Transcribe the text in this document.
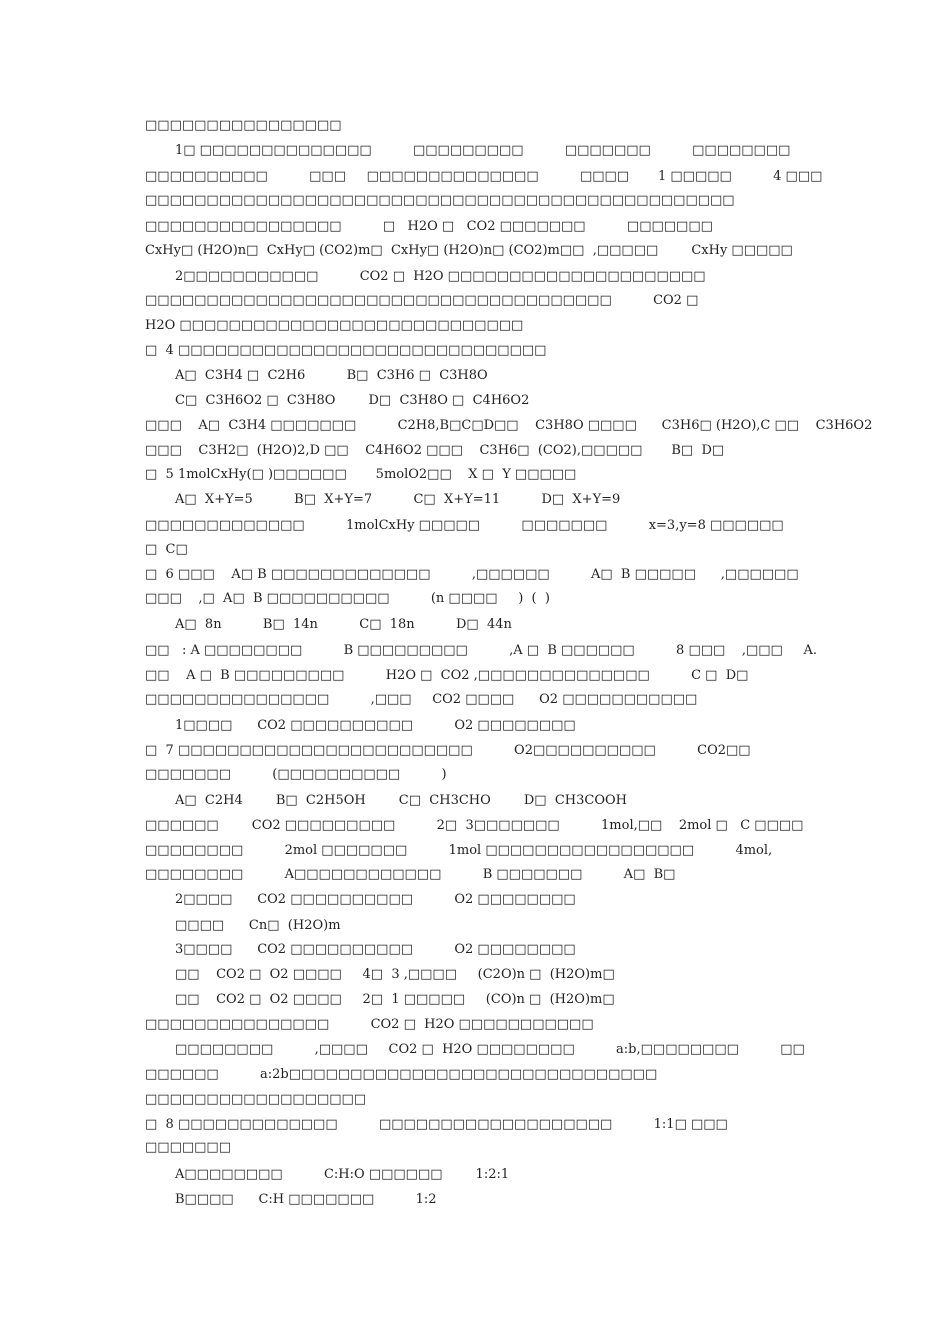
□□□□□□□□□□□□□□□□
1□ □□□□□□□□□□□□□□          □□□□□□□□□          □□□□□□□          □□□□□□□□
□□□□□□□□□□          □□□     □□□□□□□□□□□□□□          □□□□       1 □□□□□          4 □□□
□□□□□□□□□□□□□□□□□□□□□□□□□□□□□□□□□□□□□□□□□□□□□□□□
□□□□□□□□□□□□□□□□          □   H2O □   CO2 □□□□□□□          □□□□□□□
CxHy□ (H2O)n□  CxHy□ (CO2)m□  CxHy□ (H2O)n□ (CO2)m□□  ,□□□□□        CxHy □□□□□
2□□□□□□□□□□□          CO2 □  H2O □□□□□□□□□□□□□□□□□□□□□
□□□□□□□□□□□□□□□□□□□□□□□□□□□□□□□□□□□□□□          CO2 □
H2O □□□□□□□□□□□□□□□□□□□□□□□□□□□□
□  4 □□□□□□□□□□□□□□□□□□□□□□□□□□□□□□
A□  C3H4 □  C2H6          B□  C3H6 □  C3H8O
C□  C3H6O2 □  C3H8O        D□  C3H8O □  C4H6O2
□□□    A□  C3H4 □□□□□□□          C2H8,B□C□D□□    C3H8O □□□□      C3H6□ (H2O),C □□    C3H6O2
□□□    C3H2□  (H2O)2,D □□    C4H6O2 □□□    C3H6□  (CO2),□□□□□       B□  D□
□  5 1molCxHy(□ )□□□□□□       5molO2□□    X □  Y □□□□□
A□  X+Y=5          B□  X+Y=7          C□  X+Y=11          D□  X+Y=9
□□□□□□□□□□□□□          1molCxHy □□□□□          □□□□□□□          x=3,y=8 □□□□□□
□  C□
□  6 □□□    A□ B □□□□□□□□□□□□□          ,□□□□□□          A□  B □□□□□      ,□□□□□□
□□□    ,□  A□  B □□□□□□□□□□          (n □□□□     )  (  )
A□  8n          B□  14n          C□  18n          D□  44n
□□   : A □□□□□□□□          B □□□□□□□□□          ,A □  B □□□□□□          8 □□□    ,□□□     A.
□□    A □  B □□□□□□□□□          H2O □  CO2 ,□□□□□□□□□□□□□□          C □  D□
□□□□□□□□□□□□□□□          ,□□□     CO2 □□□□      O2 □□□□□□□□□□□
1□□□□      CO2 □□□□□□□□□□          O2 □□□□□□□□
□  7 □□□□□□□□□□□□□□□□□□□□□□□□          O2□□□□□□□□□□          CO2□□
□□□□□□□          (□□□□□□□□□□          )
A□  C2H4        B□  C2H5OH        C□  CH3CHO        D□  CH3COOH
□□□□□□        CO2 □□□□□□□□□          2□  3□□□□□□□          1mol,□□    2mol □   C □□□□
□□□□□□□□          2mol □□□□□□□          1mol □□□□□□□□□□□□□□□□□          4mol,
□□□□□□□□          A□□□□□□□□□□□□          B □□□□□□□          A□  B□
2□□□□      CO2 □□□□□□□□□□          O2 □□□□□□□□
□□□□      Cn□  (H2O)m
3□□□□      CO2 □□□□□□□□□□          O2 □□□□□□□□
□□    CO2 □  O2 □□□□     4□  3 ,□□□□     (C2O)n □  (H2O)m□
□□    CO2 □  O2 □□□□     2□  1 □□□□□     (CO)n □  (H2O)m□
□□□□□□□□□□□□□□□          CO2 □  H2O □□□□□□□□□□□
□□□□□□□□          ,□□□□     CO2 □  H2O □□□□□□□□          a:b,□□□□□□□□          □□
□□□□□□          a:2b□□□□□□□□□□□□□□□□□□□□□□□□□□□□□□
□□□□□□□□□□□□□□□□□□
□  8 □□□□□□□□□□□□□          □□□□□□□□□□□□□□□□□□□          1:1□ □□□
□□□□□□□
A□□□□□□□□          C:H:O □□□□□□        1:2:1
B□□□□      C:H □□□□□□□          1:2
